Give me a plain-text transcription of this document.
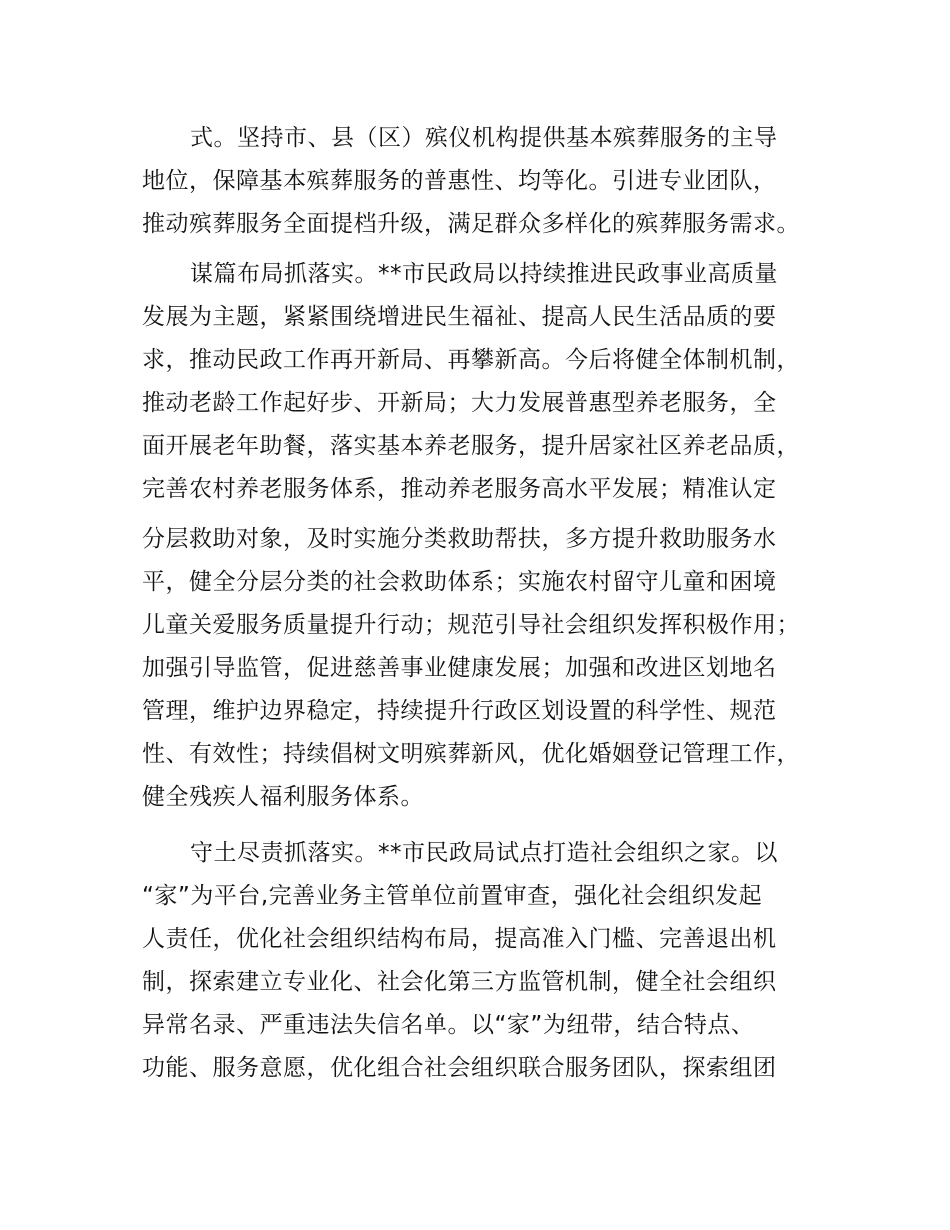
式。坚持市、县（区）殡仪机构提供基本殡葬服务的主导
地位，保障基本殡葬服务的普惠性、均等化。引进专业团队，
推动殡葬服务全面提档升级，满足群众多样化的殡葬服务需求。
谋篇布局抓落实。**市民政局以持续推进民政事业高质量
发展为主题，紧紧围绕增进民生福祉、提高人民生活品质的要
求，推动民政工作再开新局、再攀新高。今后将健全体制机制，
推动老龄工作起好步、开新局；大力发展普惠型养老服务，全
面开展老年助餐，落实基本养老服务，提升居家社区养老品质，
完善农村养老服务体系，推动养老服务高水平发展；精准认定
分层救助对象，及时实施分类救助帮扶，多方提升救助服务水
平，健全分层分类的社会救助体系；实施农村留守儿童和困境
儿童关爱服务质量提升行动；规范引导社会组织发挥积极作用；
加强引导监管，促进慈善事业健康发展；加强和改进区划地名
管理，维护边界稳定，持续提升行政区划设置的科学性、规范
性、有效性；持续倡树文明殡葬新风，优化婚姻登记管理工作，
健全残疾人福利服务体系。
守土尽责抓落实。**市民政局试点打造社会组织之家。以
“家”为平台,完善业务主管单位前置审查，强化社会组织发起
人责任，优化社会组织结构布局，提高准入门槛、完善退出机
制，探索建立专业化、社会化第三方监管机制，健全社会组织
异常名录、严重违法失信名单。以“家”为纽带，结合特点、
功能、服务意愿，优化组合社会组织联合服务团队，探索组团
